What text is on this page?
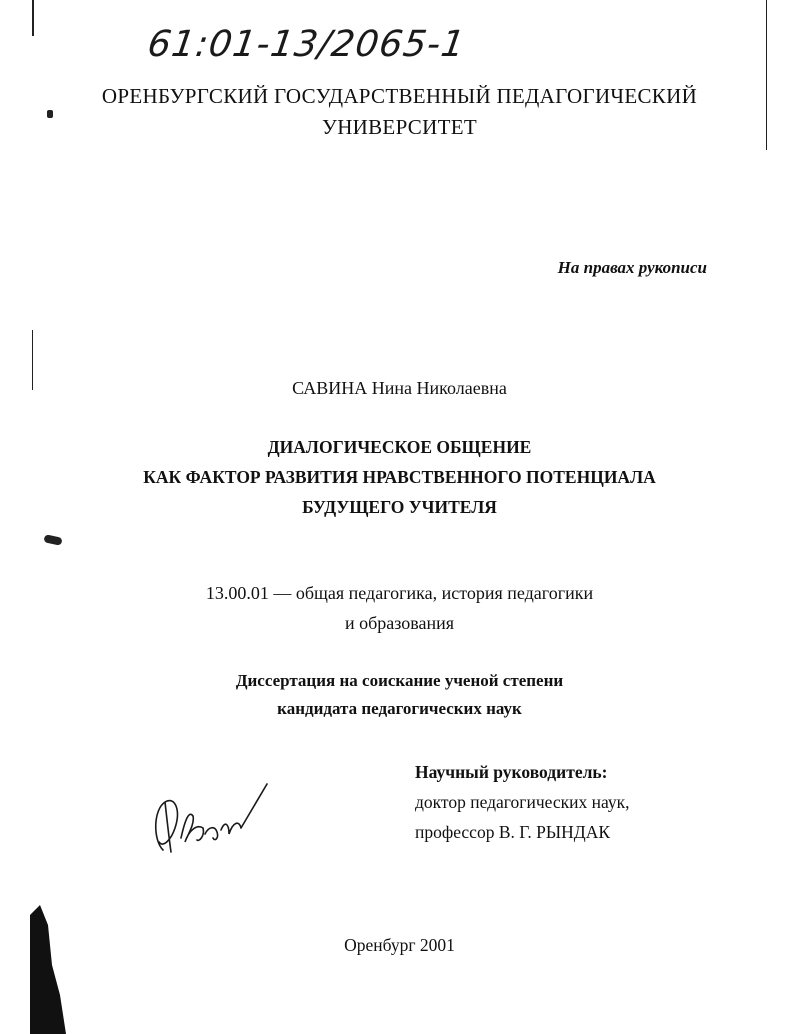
61:01-13/2065-1
ОРЕНБУРГСКИЙ ГОСУДАРСТВЕННЫЙ ПЕДАГОГИЧЕСКИЙ
УНИВЕРСИТЕТ
На правах рукописи
САВИНА Нина Николаевна
ДИАЛОГИЧЕСКОЕ ОБЩЕНИЕ
КАК ФАКТОР РАЗВИТИЯ НРАВСТВЕННОГО ПОТЕНЦИАЛА
БУДУЩЕГО УЧИТЕЛЯ
13.00.01 — общая педагогика, история педагогики
и образования
Диссертация на соискание ученой степени
кандидата педагогических наук
Научный руководитель:
доктор педагогических наук,
профессор В. Г. РЫНДАК
Оренбург 2001
